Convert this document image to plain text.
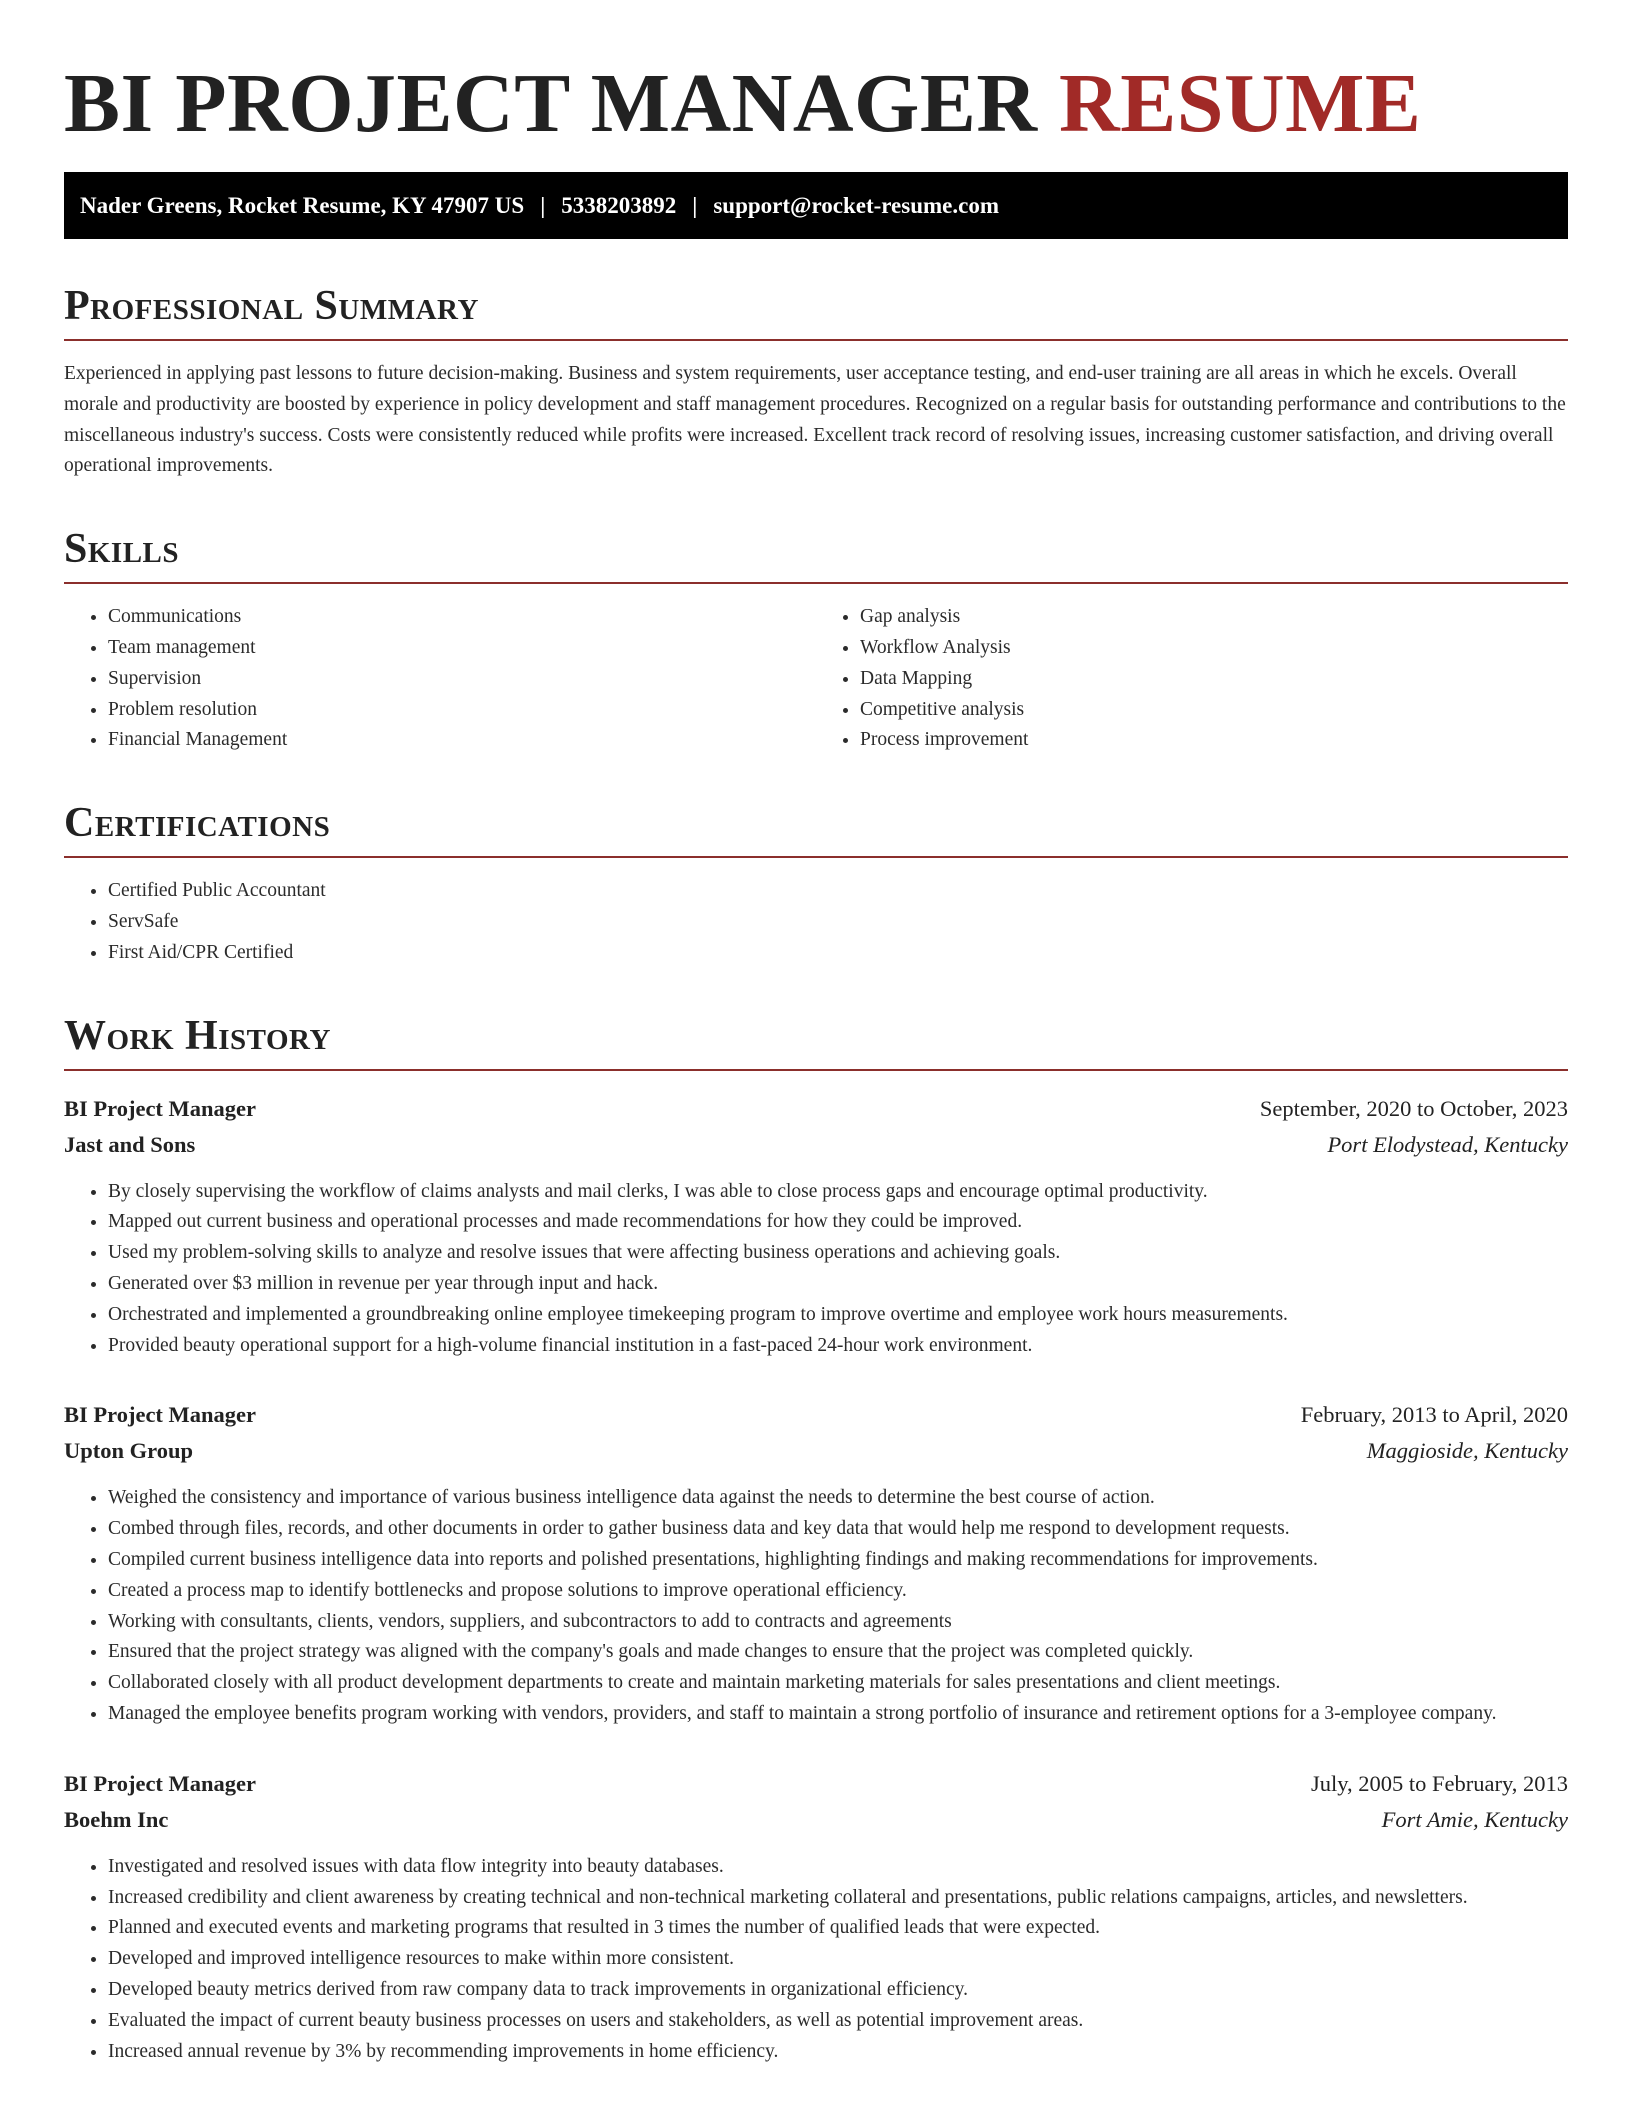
BI PROJECT MANAGER RESUME
Nader Greens, Rocket Resume, KY 47907 US | 5338203892 | support@rocket-resume.com
Professional Summary

Experienced in applying past lessons to future decision-making. Business and system requirements, user acceptance testing, and end-user training are all areas in which he excels. Overall morale and productivity are boosted by experience in policy development and staff management procedures. Recognized on a regular basis for outstanding performance and contributions to the miscellaneous industry's success. Costs were consistently reduced while profits were increased. Excellent track record of resolving issues, increasing customer satisfaction, and driving overall operational improvements.

Skills
• Communications
• Team management
• Supervision
• Problem resolution
• Financial Management
• Gap analysis
• Workflow Analysis
• Data Mapping
• Competitive analysis
• Process improvement
Certifications
• Certified Public Accountant
• ServSafe
• First Aid/CPR Certified
Work History
BI Project Manager	September, 2020 to October, 2023
Jast and Sons	Port Elodystead, Kentucky
• By closely supervising the workflow of claims analysts and mail clerks, I was able to close process gaps and encourage optimal productivity.
• Mapped out current business and operational processes and made recommendations for how they could be improved.
• Used my problem-solving skills to analyze and resolve issues that were affecting business operations and achieving goals.
• Generated over $3 million in revenue per year through input and hack.
• Orchestrated and implemented a groundbreaking online employee timekeeping program to improve overtime and employee work hours measurements.
• Provided beauty operational support for a high-volume financial institution in a fast-paced 24-hour work environment.
BI Project Manager	February, 2013 to April, 2020
Upton Group	Maggioside, Kentucky
• Weighed the consistency and importance of various business intelligence data against the needs to determine the best course of action.
• Combed through files, records, and other documents in order to gather business data and key data that would help me respond to development requests.
• Compiled current business intelligence data into reports and polished presentations, highlighting findings and making recommendations for improvements.
• Created a process map to identify bottlenecks and propose solutions to improve operational efficiency.
• Working with consultants, clients, vendors, suppliers, and subcontractors to add to contracts and agreements
• Ensured that the project strategy was aligned with the company's goals and made changes to ensure that the project was completed quickly.
• Collaborated closely with all product development departments to create and maintain marketing materials for sales presentations and client meetings.
• Managed the employee benefits program working with vendors, providers, and staff to maintain a strong portfolio of insurance and retirement options for a 3-employee company.
BI Project Manager	July, 2005 to February, 2013
Boehm Inc	Fort Amie, Kentucky
• Investigated and resolved issues with data flow integrity into beauty databases.
• Increased credibility and client awareness by creating technical and non-technical marketing collateral and presentations, public relations campaigns, articles, and newsletters.
• Planned and executed events and marketing programs that resulted in 3 times the number of qualified leads that were expected.
• Developed and improved intelligence resources to make within more consistent.
• Developed beauty metrics derived from raw company data to track improvements in organizational efficiency.
• Evaluated the impact of current beauty business processes on users and stakeholders, as well as potential improvement areas.
• Increased annual revenue by 3% by recommending improvements in home efficiency.
